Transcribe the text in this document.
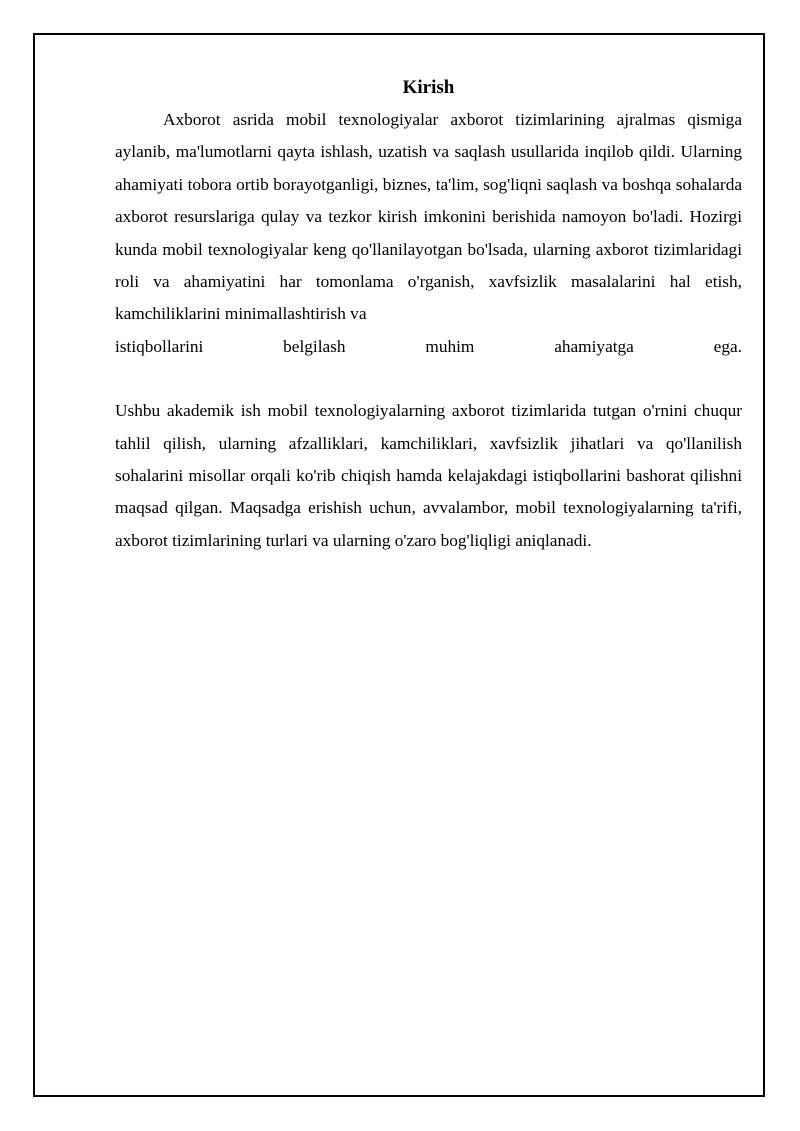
Kirish

Axborot asrida mobil texnologiyalar axborot tizimlarining ajralmas qismiga aylanib, ma'lumotlarni qayta ishlash, uzatish va saqlash usullarida inqilob qildi. Ularning ahamiyati tobora ortib borayotganligi, biznes, ta'lim, sog'liqni saqlash va boshqa sohalarda axborot resurslariga qulay va tezkor kirish imkonini berishida namoyon bo'ladi. Hozirgi kunda mobil texnologiyalar keng qo'llanilayotgan bo'lsada, ularning axborot tizimlaridagi roli va ahamiyatini har tomonlama o'rganish, xavfsizlik masalalarini hal etish, kamchiliklarini minimallashtirish va

istiqbollarini belgilash muhim ahamiyatga ega.

Ushbu akademik ish mobil texnologiyalarning axborot tizimlarida tutgan o'rnini chuqur tahlil qilish, ularning afzalliklari, kamchiliklari, xavfsizlik jihatlari va qo'llanilish sohalarini misollar orqali ko'rib chiqish hamda kelajakdagi istiqbollarini bashorat qilishni maqsad qilgan. Maqsadga erishish uchun, avvalambor, mobil texnologiyalarning ta'rifi, axborot tizimlarining turlari va ularning o'zaro bog'liqligi aniqlanadi.
